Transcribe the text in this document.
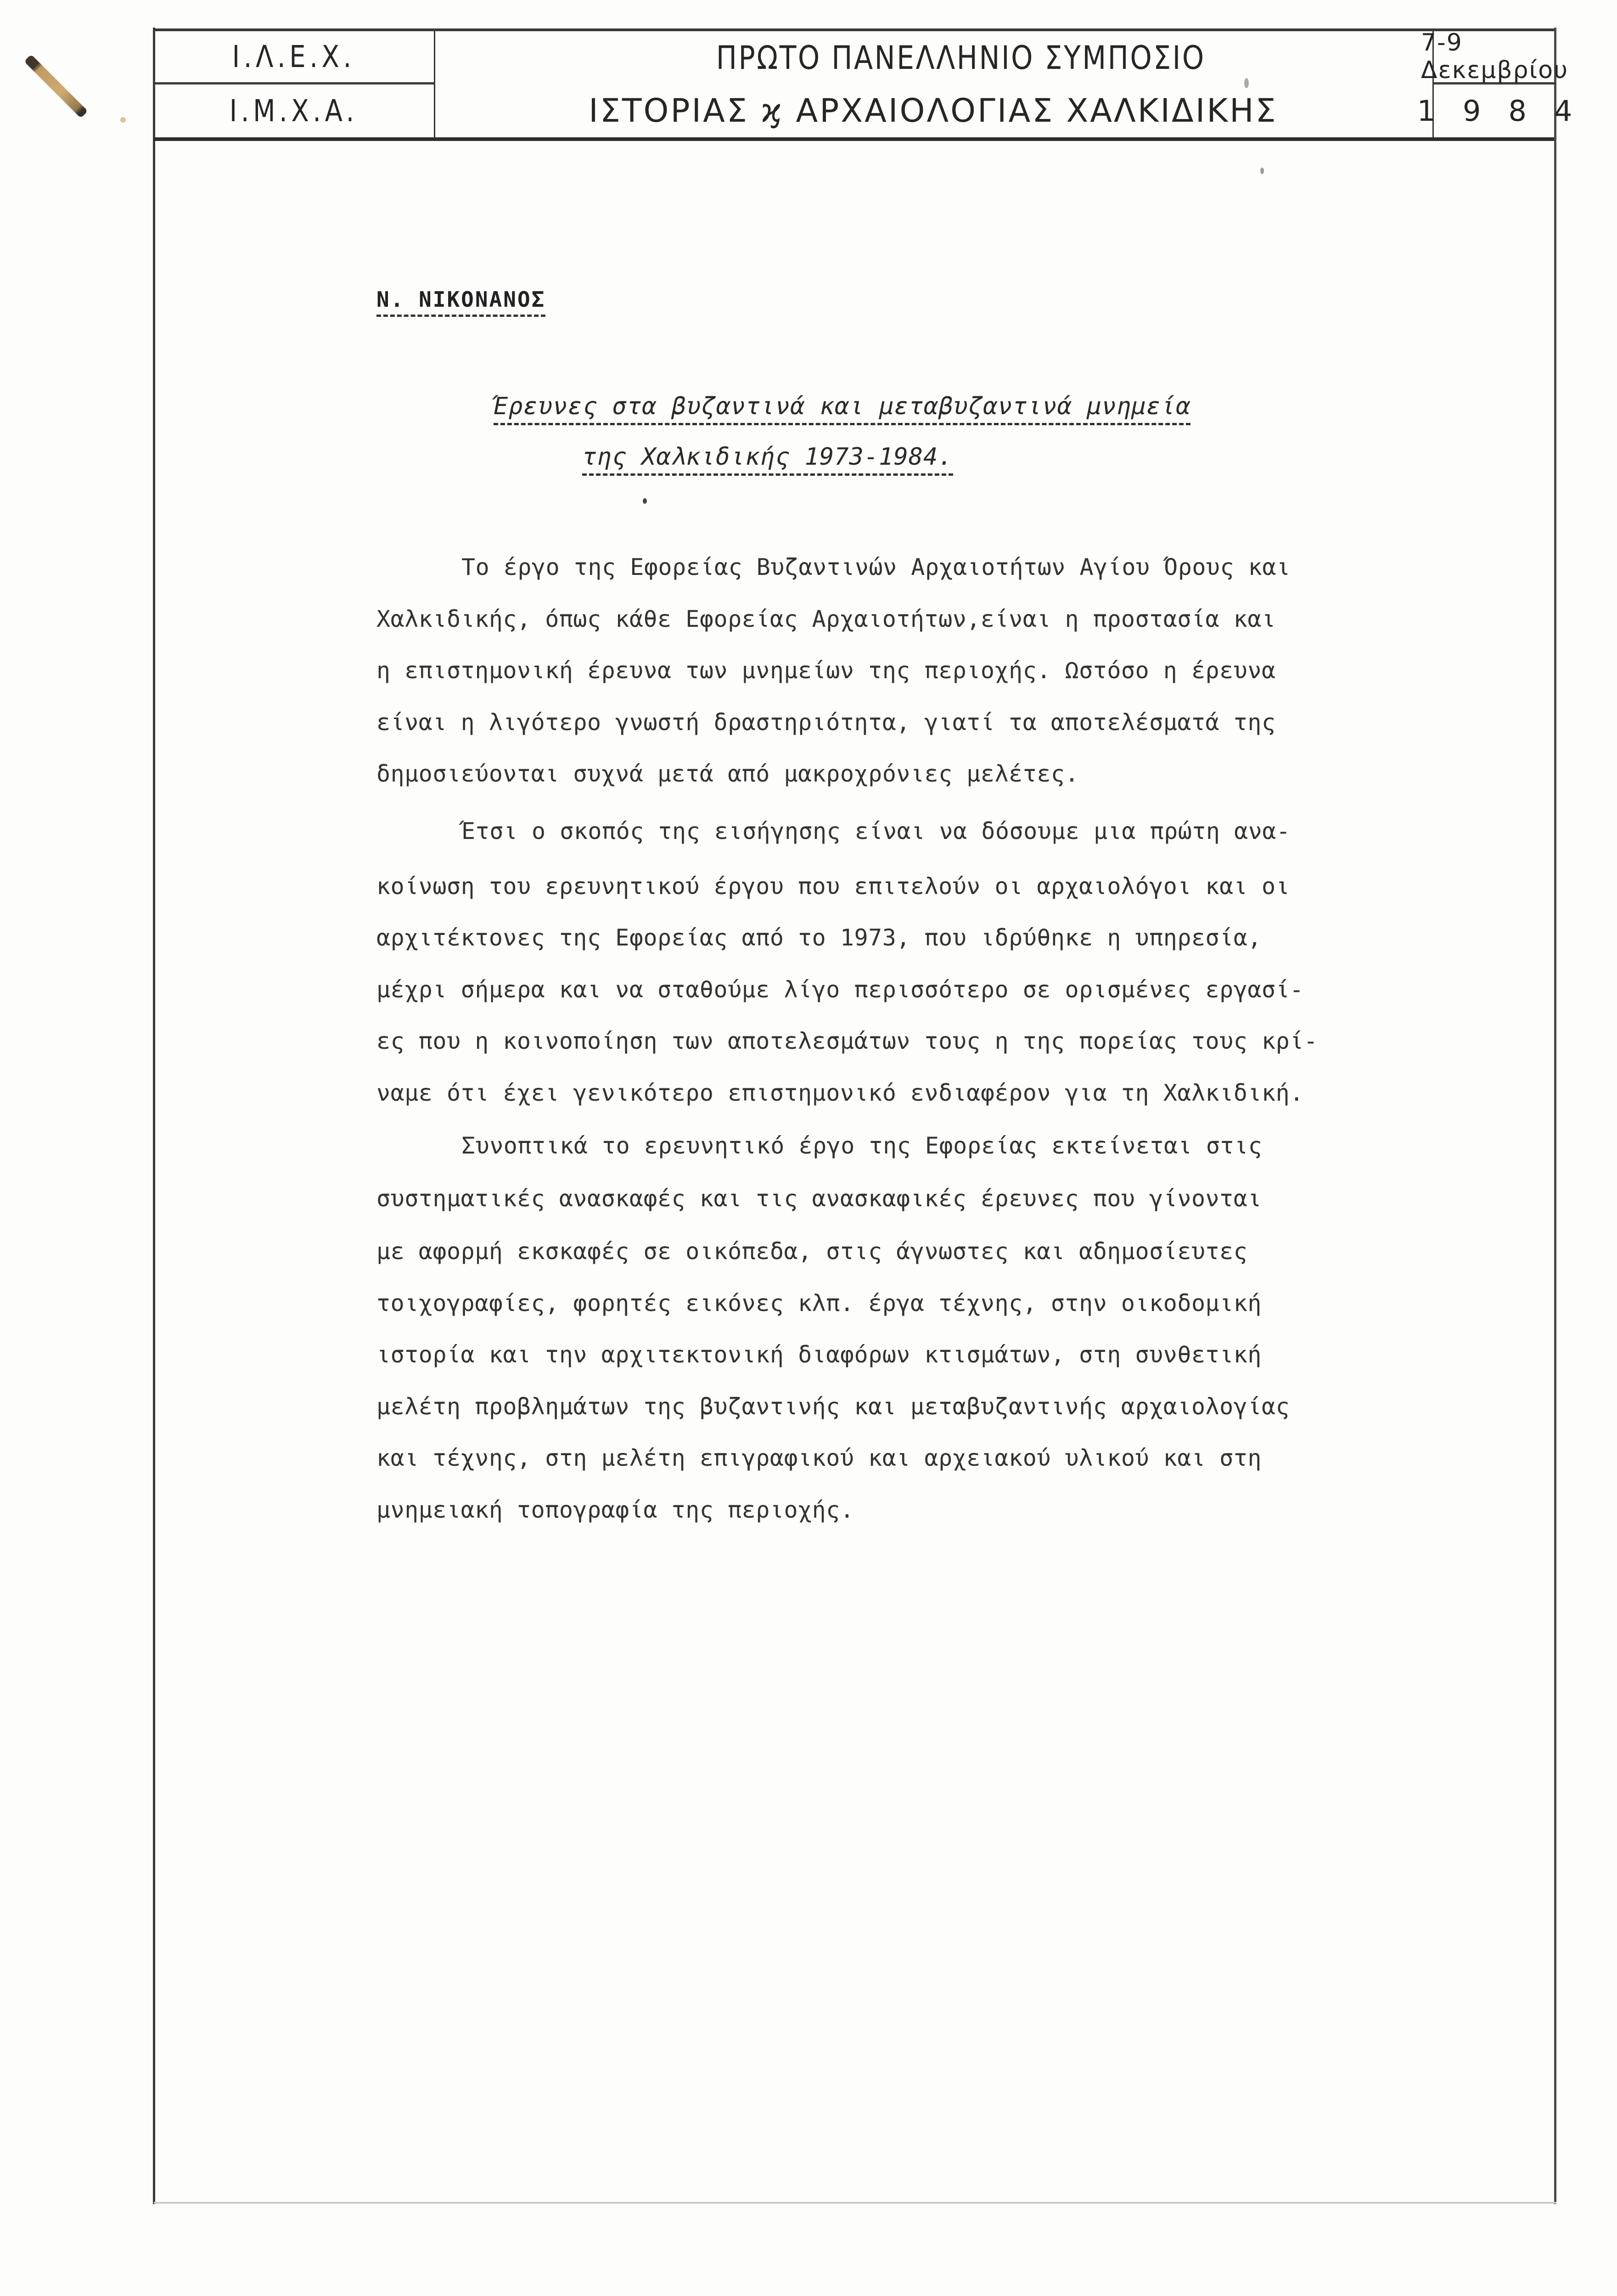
I.Λ.Ε.Χ.
I.M.X.A.
ΠΡΩΤΟ ΠΑΝΕΛΛΗΝΙΟ ΣΥΜΠΟΣΙΟ
ΙΣΤΟΡΙΑΣ ϗ ΑΡΧΑΙΟΛΟΓΙΑΣ ΧΑΛΚΙΔΙΚΗΣ
7-9 Δεκεμβρίου
1984
Ν. ΝΙΚΟΝΑΝΟΣ
Έρευνες στα βυζαντινά και μεταβυζαντινά μνημεία
της Χαλκιδικής 1973-1984.
Το έργο της Εφορείας Βυζαντινών Αρχαιοτήτων Αγίου Όρους και
Χαλκιδικής, όπως κάθε Εφορείας Αρχαιοτήτων,είναι η προστασία και
η επιστημονική έρευνα των μνημείων της περιοχής. Ωστόσο η έρευνα
είναι η λιγότερο γνωστή δραστηριότητα, γιατί τα αποτελέσματά της
δημοσιεύονται συχνά μετά από μακροχρόνιες μελέτες.
Έτσι ο σκοπός της εισήγησης είναι να δόσουμε μια πρώτη ανα-
κοίνωση του ερευνητικού έργου που επιτελούν οι αρχαιολόγοι και οι
αρχιτέκτονες της Εφορείας από το 1973, που ιδρύθηκε η υπηρεσία,
μέχρι σήμερα και να σταθούμε λίγο περισσότερο σε ορισμένες εργασί-
ες που η κοινοποίηση των αποτελεσμάτων τους η της πορείας τους κρί-
ναμε ότι έχει γενικότερο επιστημονικό ενδιαφέρον για τη Χαλκιδική.
Συνοπτικά το ερευνητικό έργο της Εφορείας εκτείνεται στις
συστηματικές ανασκαφές και τις ανασκαφικές έρευνες που γίνονται
με αφορμή εκσκαφές σε οικόπεδα, στις άγνωστες και αδημοσίευτες
τοιχογραφίες, φορητές εικόνες κλπ. έργα τέχνης, στην οικοδομική
ιστορία και την αρχιτεκτονική διαφόρων κτισμάτων, στη συνθετική
μελέτη προβλημάτων της βυζαντινής και μεταβυζαντινής αρχαιολογίας
και τέχνης, στη μελέτη επιγραφικού και αρχειακού υλικού και στη
μνημειακή τοπογραφία της περιοχής.
